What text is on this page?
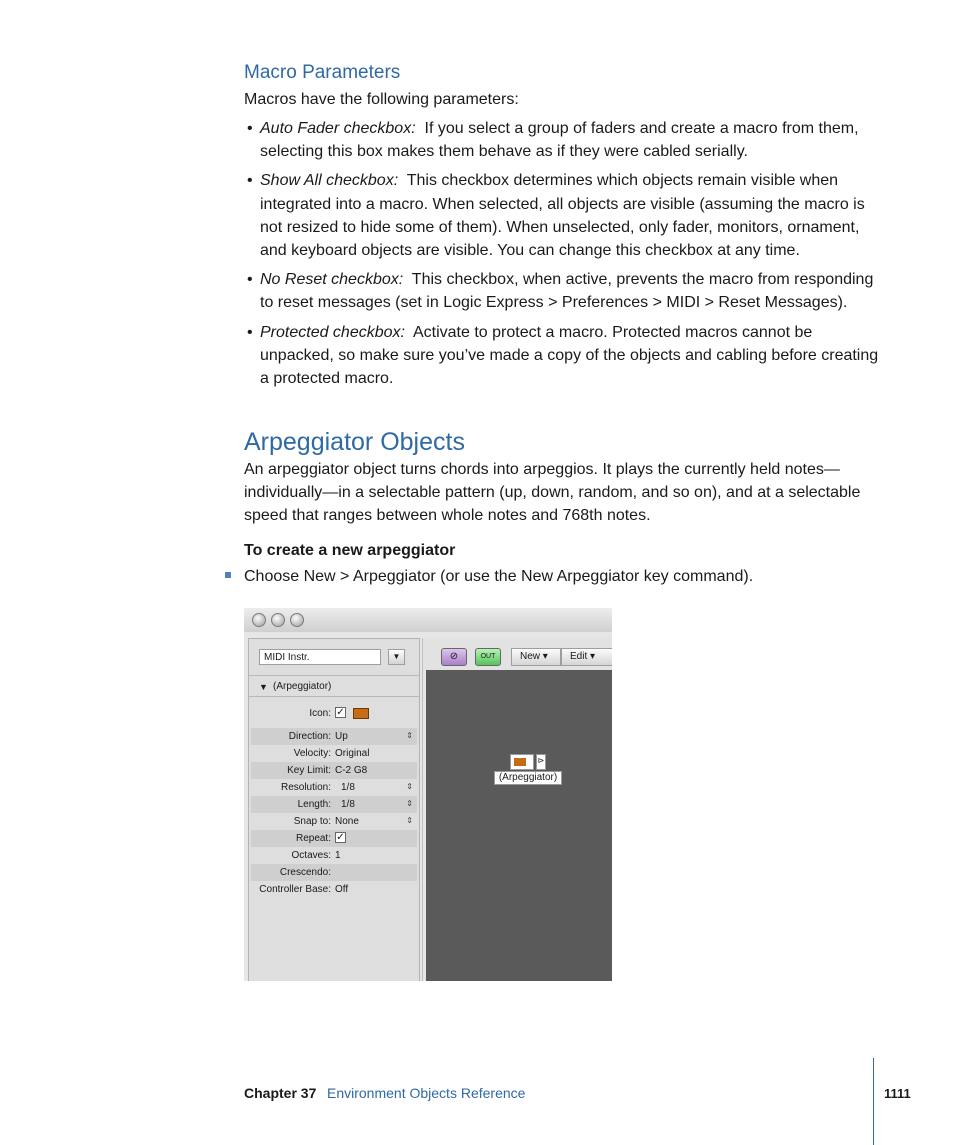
Macro Parameters
Macros have the following parameters:
• Auto Fader checkbox: If you select a group of faders and create a macro from them, selecting this box makes them behave as if they were cabled serially.
• Show All checkbox: This checkbox determines which objects remain visible when integrated into a macro. When selected, all objects are visible (assuming the macro is not resized to hide some of them). When unselected, only fader, monitors, ornament, and keyboard objects are visible. You can change this checkbox at any time.
• No Reset checkbox: This checkbox, when active, prevents the macro from responding to reset messages (set in Logic Express > Preferences > MIDI > Reset Messages).
• Protected checkbox: Activate to protect a macro. Protected macros cannot be unpacked, so make sure you’ve made a copy of the objects and cabling before creating a protected macro.
Arpeggiator Objects
An arpeggiator object turns chords into arpeggios. It plays the currently held notes—individually—in a selectable pattern (up, down, random, and so on), and at a selectable speed that ranges between whole notes and 768th notes.
To create a new arpeggiator
Choose New > Arpeggiator (or use the New Arpeggiator key command).
MIDI Instr.	▼
▼ (Arpeggiator)
Icon: ✓
Direction: Up	⇕
Velocity: Original
Key Limit: C-2 G8
Resolution: 1/8	⇕
Length: 1/8	⇕
Snap to: None	⇕
Repeat: ✓
Octaves: 1
Crescendo:
Controller Base: Off
⊘	OUT	New ▾	Edit ▾
⊳
(Arpeggiator)
Chapter 37 Environment Objects Reference	1111
